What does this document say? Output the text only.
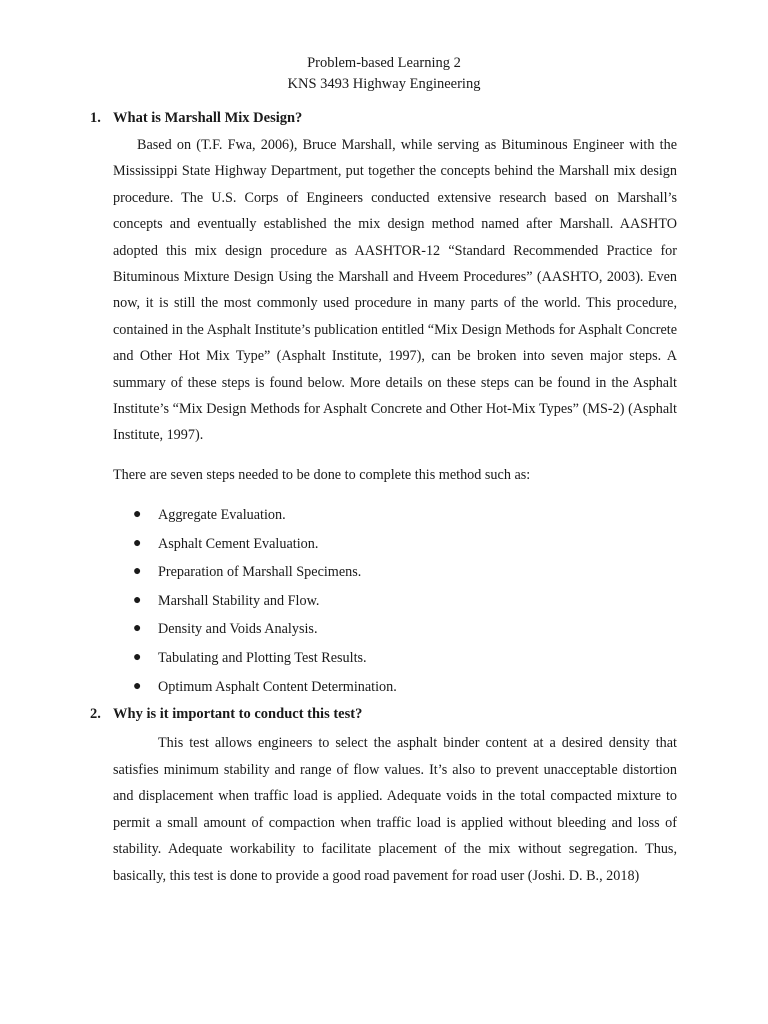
Problem-based Learning 2
KNS 3493 Highway Engineering
1. What is Marshall Mix Design?

Based on (T.F. Fwa, 2006), Bruce Marshall, while serving as Bituminous Engineer with the Mississippi State Highway Department, put together the concepts behind the Marshall mix design procedure. The U.S. Corps of Engineers conducted extensive research based on Marshall’s concepts and eventually established the mix design method named after Marshall. AASHTO adopted this mix design procedure as AASHTOR-12 “Standard Recommended Practice for Bituminous Mixture Design Using the Marshall and Hveem Procedures” (AASHTO, 2003). Even now, it is still the most commonly used procedure in many parts of the world. This procedure, contained in the Asphalt Institute’s publication entitled “Mix Design Methods for Asphalt Concrete and Other Hot Mix Type” (Asphalt Institute, 1997), can be broken into seven major steps. A summary of these steps is found below. More details on these steps can be found in the Asphalt Institute’s “Mix Design Methods for Asphalt Concrete and Other Hot-Mix Types” (MS-2) (Asphalt Institute, 1997).

There are seven steps needed to be done to complete this method such as:
● Aggregate Evaluation.
● Asphalt Cement Evaluation.
● Preparation of Marshall Specimens.
● Marshall Stability and Flow.
● Density and Voids Analysis.
● Tabulating and Plotting Test Results.
● Optimum Asphalt Content Determination.
2. Why is it important to conduct this test?

This test allows engineers to select the asphalt binder content at a desired density that satisfies minimum stability and range of flow values. It’s also to prevent unacceptable distortion and displacement when traffic load is applied. Adequate voids in the total compacted mixture to permit a small amount of compaction when traffic load is applied without bleeding and loss of stability. Adequate workability to facilitate placement of the mix without segregation. Thus, basically, this test is done to provide a good road pavement for road user (Joshi. D. B., 2018)
